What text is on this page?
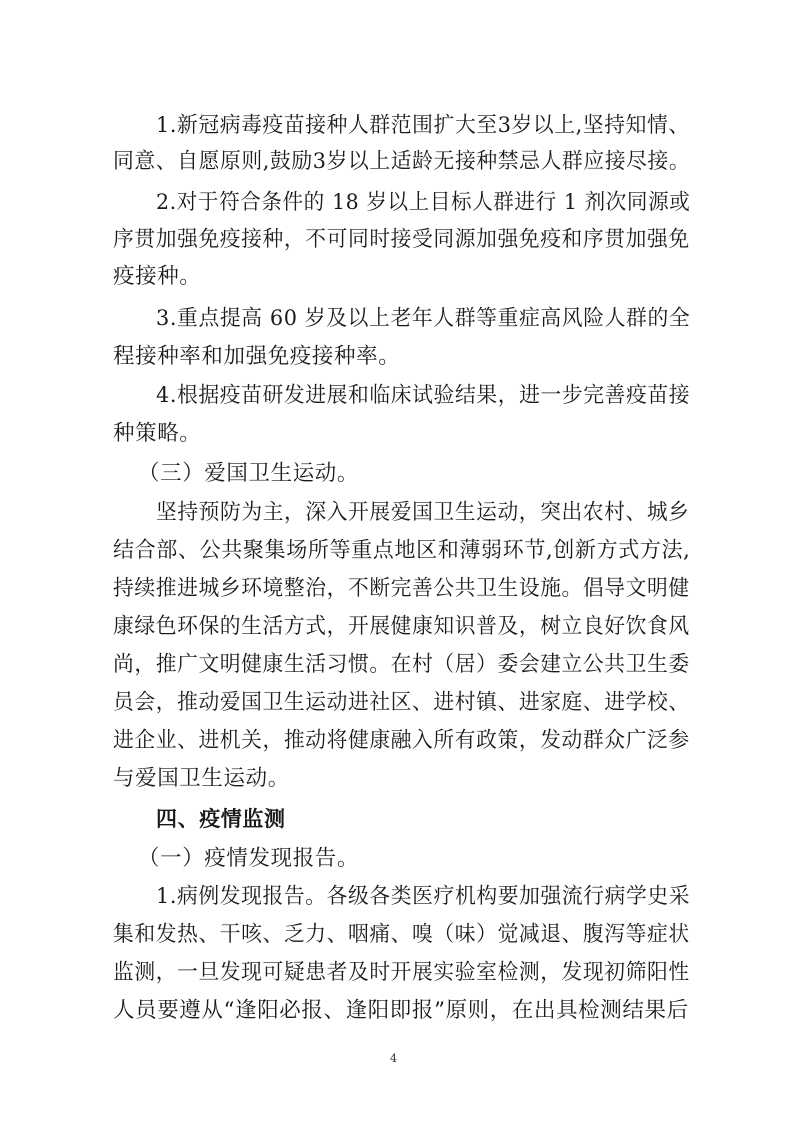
1.新冠病毒疫苗接种人群范围扩大至3岁以上,坚持知情、
同意、自愿原则,鼓励3岁以上适龄无接种禁忌人群应接尽接。
2.对于符合条件的 18 岁以上目标人群进行 1 剂次同源或
序贯加强免疫接种，不可同时接受同源加强免疫和序贯加强免
疫接种。
3.重点提高 60 岁及以上老年人群等重症高风险人群的全
程接种率和加强免疫接种率。
4.根据疫苗研发进展和临床试验结果，进一步完善疫苗接
种策略。
（三）爱国卫生运动。
坚持预防为主，深入开展爱国卫生运动，突出农村、城乡
结合部、公共聚集场所等重点地区和薄弱环节,创新方式方法,
持续推进城乡环境整治，不断完善公共卫生设施。倡导文明健
康绿色环保的生活方式，开展健康知识普及，树立良好饮食风
尚，推广文明健康生活习惯。在村（居）委会建立公共卫生委
员会，推动爱国卫生运动进社区、进村镇、进家庭、进学校、
进企业、进机关，推动将健康融入所有政策，发动群众广泛参
与爱国卫生运动。
四、疫情监测
（一）疫情发现报告。
1.病例发现报告。各级各类医疗机构要加强流行病学史采
集和发热、干咳、乏力、咽痛、嗅（味）觉减退、腹泻等症状
监测，一旦发现可疑患者及时开展实验室检测，发现初筛阳性
人员要遵从“逢阳必报、逢阳即报”原则，在出具检测结果后
4
